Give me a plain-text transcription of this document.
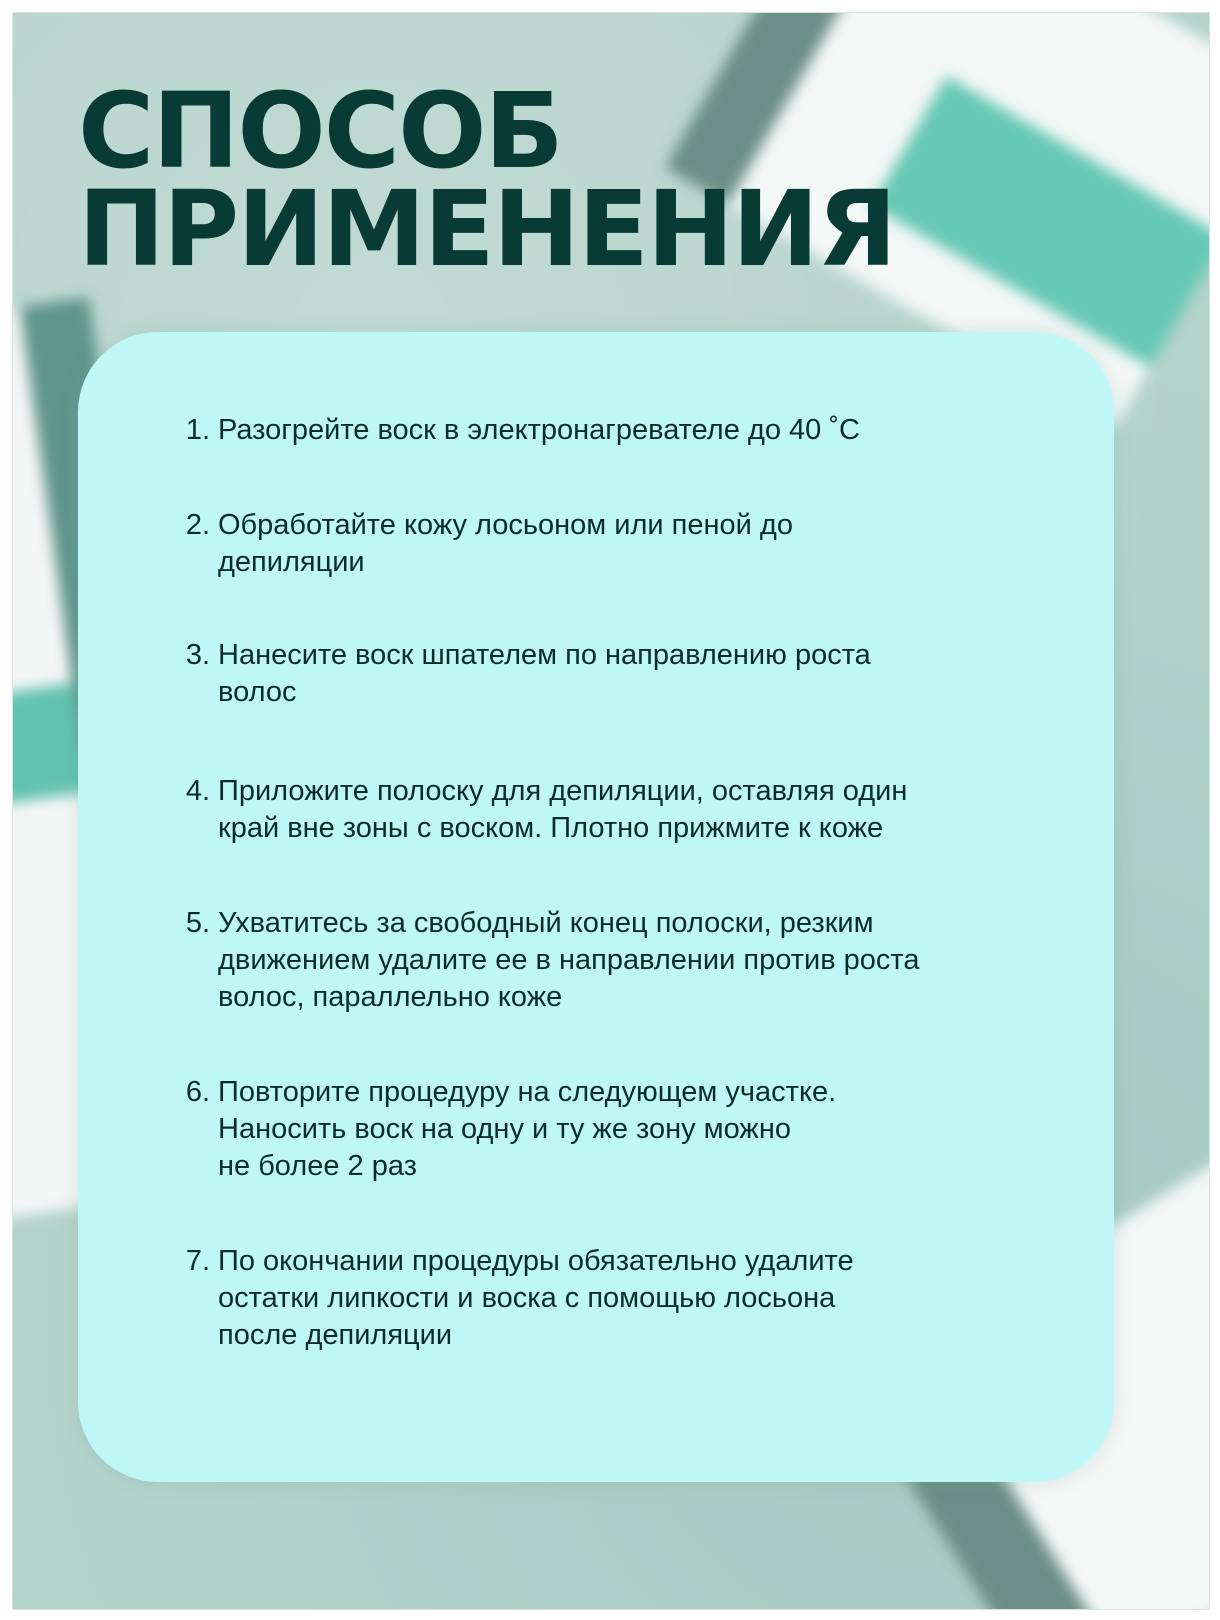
СПОСОБ
ПРИМЕНЕНИЯ
1. Разогрейте воск в электронагревателе до 40 ˚С
2. Обработайте кожу лосьоном или пеной до
депиляции
3. Нанесите воск шпателем по направлению роста
волос
4. Приложите полоску для депиляции, оставляя один
край вне зоны с воском. Плотно прижмите к коже
5. Ухватитесь за свободный конец полоски, резким
движением удалите ее в направлении против роста
волос, параллельно коже
6. Повторите процедуру на следующем участке.
Наносить воск на одну и ту же зону можно
не более 2 раз
7. По окончании процедуры обязательно удалите
остатки липкости и воска с помощью лосьона
после депиляции
